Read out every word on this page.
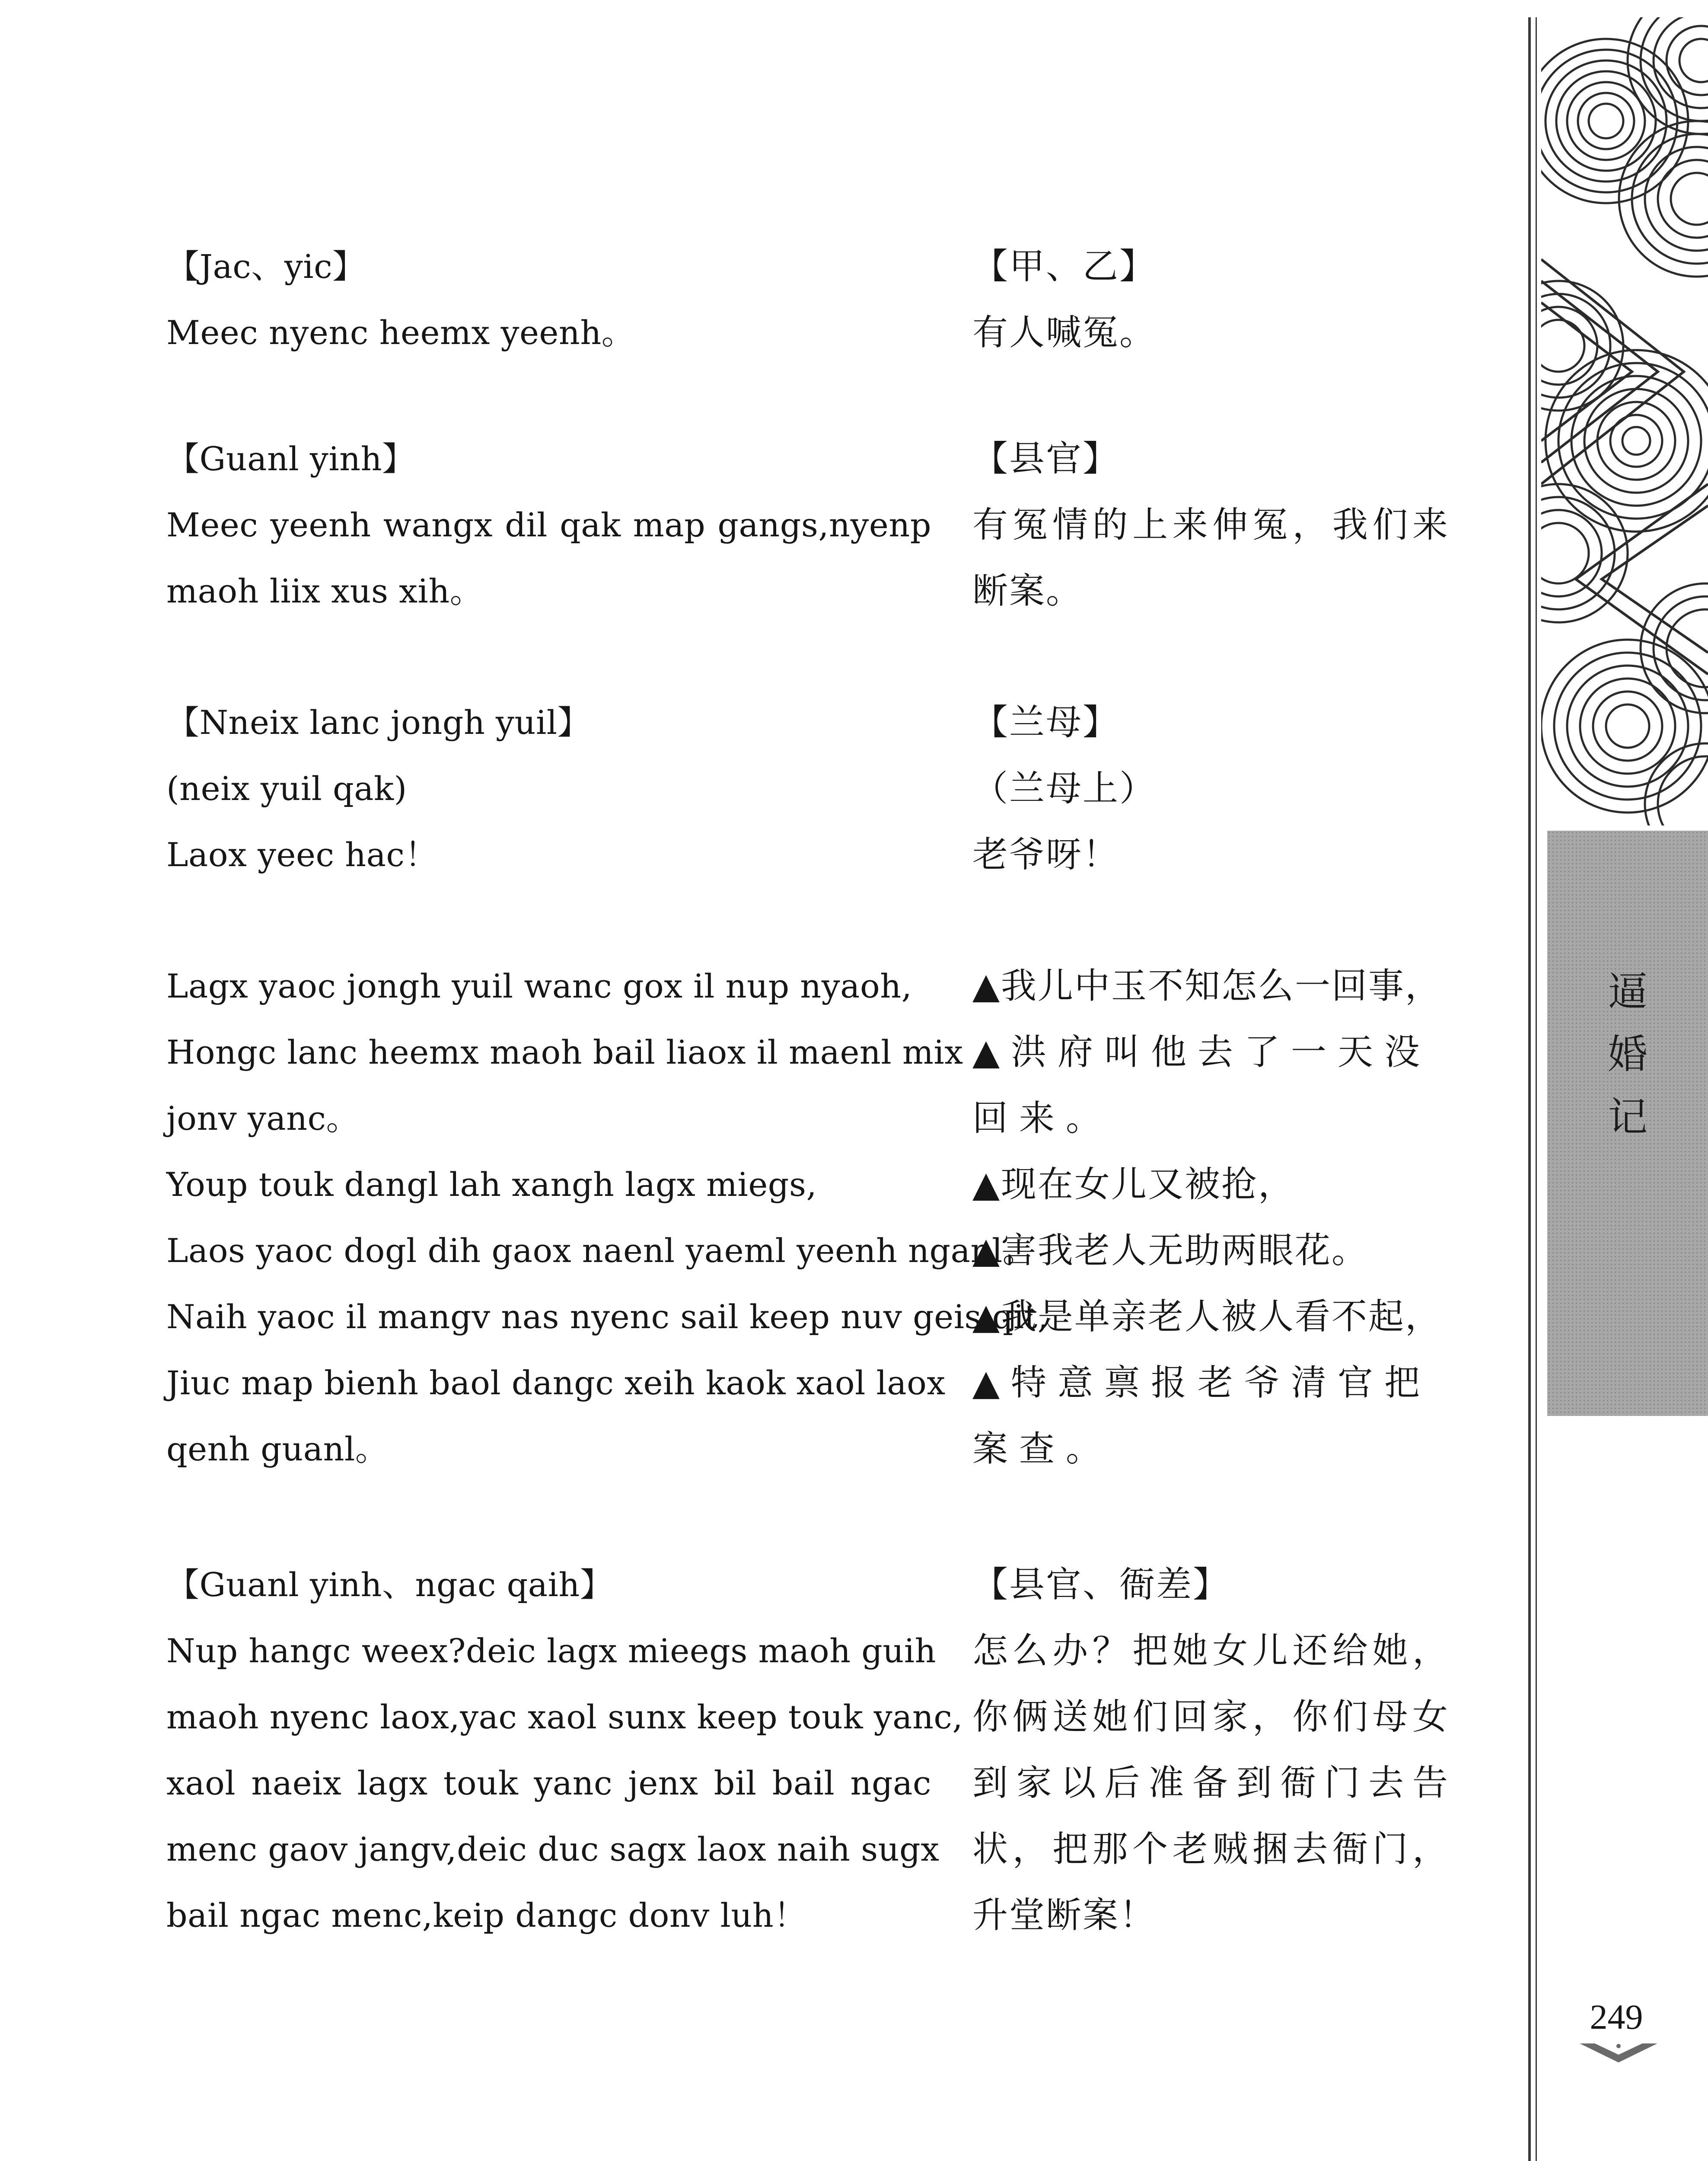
【Jac、yic】
Meec nyenc heemx yeenh。
【甲、乙】
有人喊冤。
【Guanl yinh】
Meec yeenh wangx dil qak map gangs,nyenp
maoh liix xus xih。
【县官】
有冤情的上来伸冤，我们来
断案。
【Nneix lanc jongh yuil】
(neix yuil qak)
Laox yeec hac！
【兰母】
（兰母上）
老爷呀！
Lagx yaoc jongh yuil wanc gox il nup nyaoh,
Hongc lanc heemx maoh bail liaox il maenl mix
jonv yanc。
Youp touk dangl lah xangh lagx miegs,
Laos yaoc dogl dih gaox naenl yaeml yeenh nganl。
Naih yaoc il mangv nas nyenc sail keep nuv geis qit,
Jiuc map bienh baol dangc xeih kaok xaol laox
qenh guanl。
▲我儿中玉不知怎么一回事，
▲洪府叫他去了一天没
回来。
▲现在女儿又被抢，
▲害我老人无助两眼花。
▲我是单亲老人被人看不起，
▲特意禀报老爷清官把
案查。
【Guanl yinh、ngac qaih】
Nup hangc weex?deic lagx mieegs maoh guih
maoh nyenc laox,yac xaol sunx keep touk yanc,
xaol naeix lagx touk yanc jenx bil bail ngac
menc gaov jangv,deic duc sagx laox naih sugx
bail ngac menc,keip dangc donv luh！
【县官、衙差】
怎么办？把她女儿还给她，
你俩送她们回家，你们母女
到家以后准备到衙门去告
状，把那个老贼捆去衙门，
升堂断案！
逼
婚
记
249
